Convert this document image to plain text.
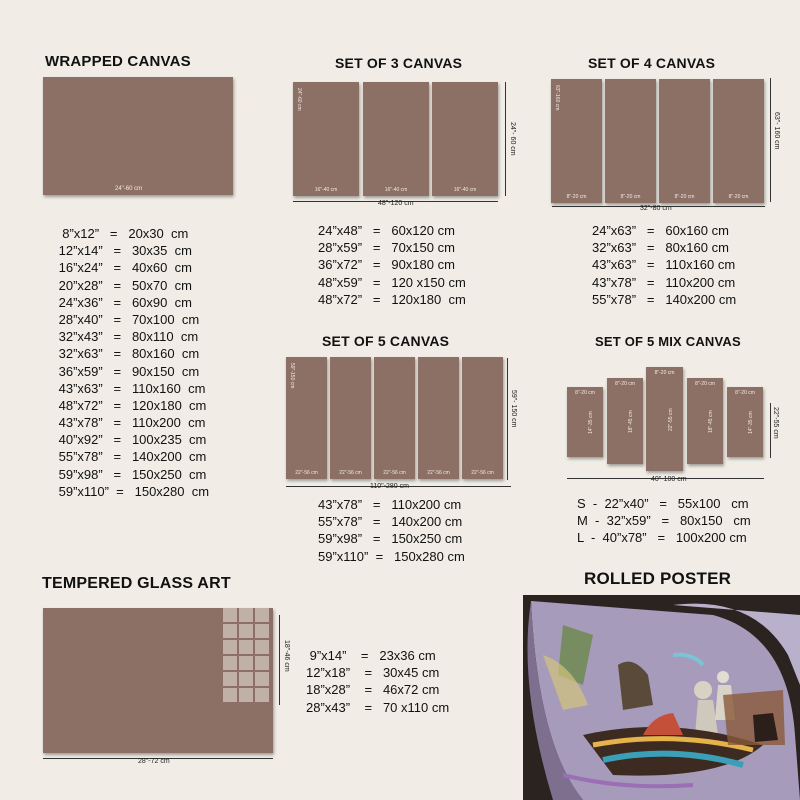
WRAPPED CANVAS
24"-60 cm
36"-90 cm
8”x12”   =   20x30  cm
12”x14”   =   30x35  cm
16”x24”   =   40x60  cm
20”x28”   =   50x70  cm
24”x36”   =   60x90  cm
28”x40”   =   70x100  cm
32”x43”   =   80x110  cm
32”x63”   =   80x160  cm
36”x59”   =   90x150  cm
43”x63”   =   110x160  cm
48”x72”   =   120x180  cm
43”x78”   =   110x200  cm
40”x92”   =   100x235  cm
55”x78”   =   140x200  cm
59”x98”   =   150x250  cm
59”x110”  =   150x280  cm
SET OF 3 CANVAS
16"-40 cm
24"-60 cm
16"-40 cm	16"-40 cm
48"-120 cm
24"- 60 cm
24”x48”   =   60x120 cm
28”x59”   =   70x150 cm
36”x72”   =   90x180 cm
48”x59”   =   120 x150 cm
48”x72”   =   120x180  cm
SET OF 4 CANVAS
8"-20 cm
63"-160 cm
8"-20 cm	8"-20 cm	8"-20 cm
32"-80 cm
63"- 160 cm
24”x63”   =   60x160 cm
32”x63”   =   80x160 cm
43”x63”   =   110x160 cm
43”x78”   =   110x200 cm
55”x78”   =   140x200 cm
SET OF 5 CANVAS
22"-56 cm
59"-150 cm
22"-56 cm	22"-56 cm	22"-56 cm	22"-56 cm
110"-280 cm
59"- 150 cm
43”x78”   =   110x200 cm
55”x78”   =   140x200 cm
59”x98”   =   150x250 cm
59”x110”  =   150x280 cm
SET OF 5 MIX CANVAS
8"-20 cm
14"-35 cm
8"-20 cm
18"-45 cm
8"-20 cm
22"-55 cm
8"-20 cm
18"-45 cm
8"-20 cm
14"-35 cm
40"-100 cm
22"-55 cm
S  -  22”x40”   =   55x100   cm
M  -  32”x59”   =   80x150   cm
L  -  40”x78”   =   100x200 cm
TEMPERED GLASS ART
28"-72 cm
18"-46 cm 9”x14”    =   23x36 cm
12”x18”    =   30x45 cm
18”x28”    =   46x72 cm
28”x43”    =   70 x110 cm
ROLLED POSTER
